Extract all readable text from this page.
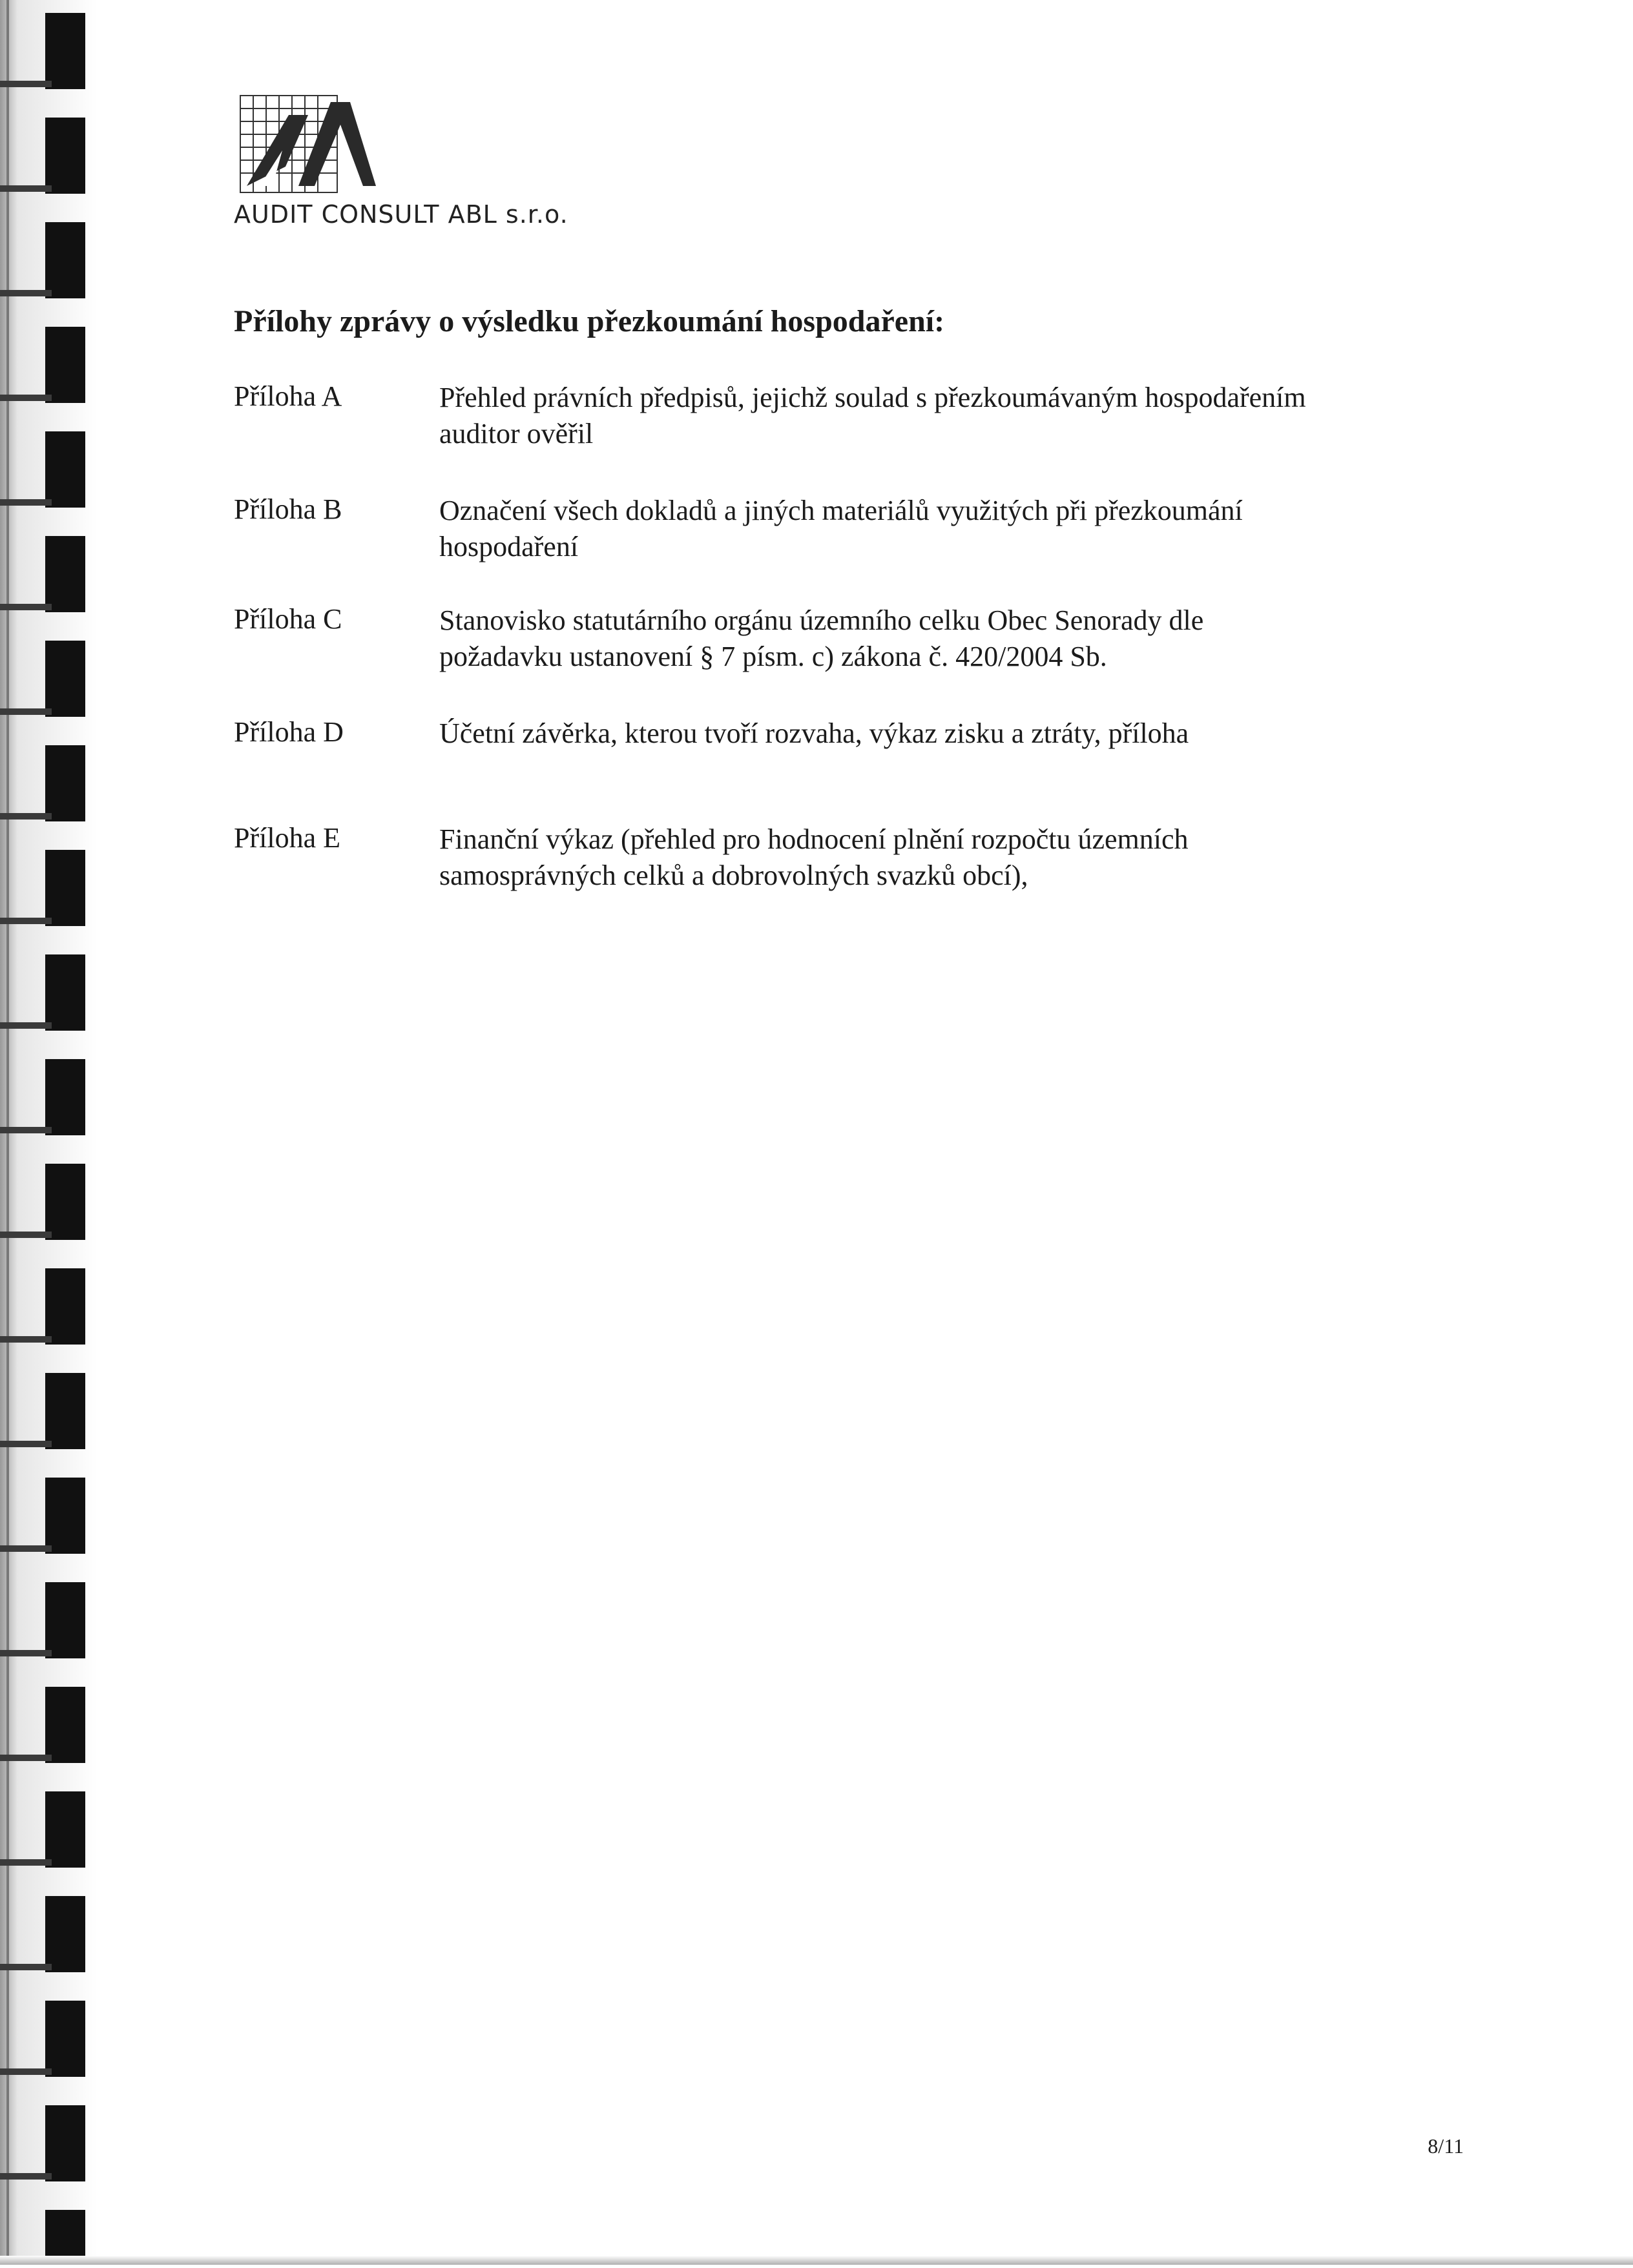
AUDIT CONSULT ABL s.r.o.
Přílohy zprávy o výsledku přezkoumání hospodaření:
Příloha A	Přehled právních předpisů, jejichž soulad s přezkoumávaným hospodařením
auditor ověřil
Příloha B	Označení všech dokladů a jiných materiálů využitých při přezkoumání
hospodaření
Příloha C	Stanovisko statutárního orgánu územního celku Obec Senorady dle
požadavku ustanovení § 7 písm. c) zákona č. 420/2004 Sb.
Příloha D	Účetní závěrka, kterou tvoří rozvaha, výkaz zisku a ztráty, příloha
Příloha E	Finanční výkaz (přehled pro hodnocení plnění rozpočtu územních
samosprávných celků a dobrovolných svazků obcí),
8/11
